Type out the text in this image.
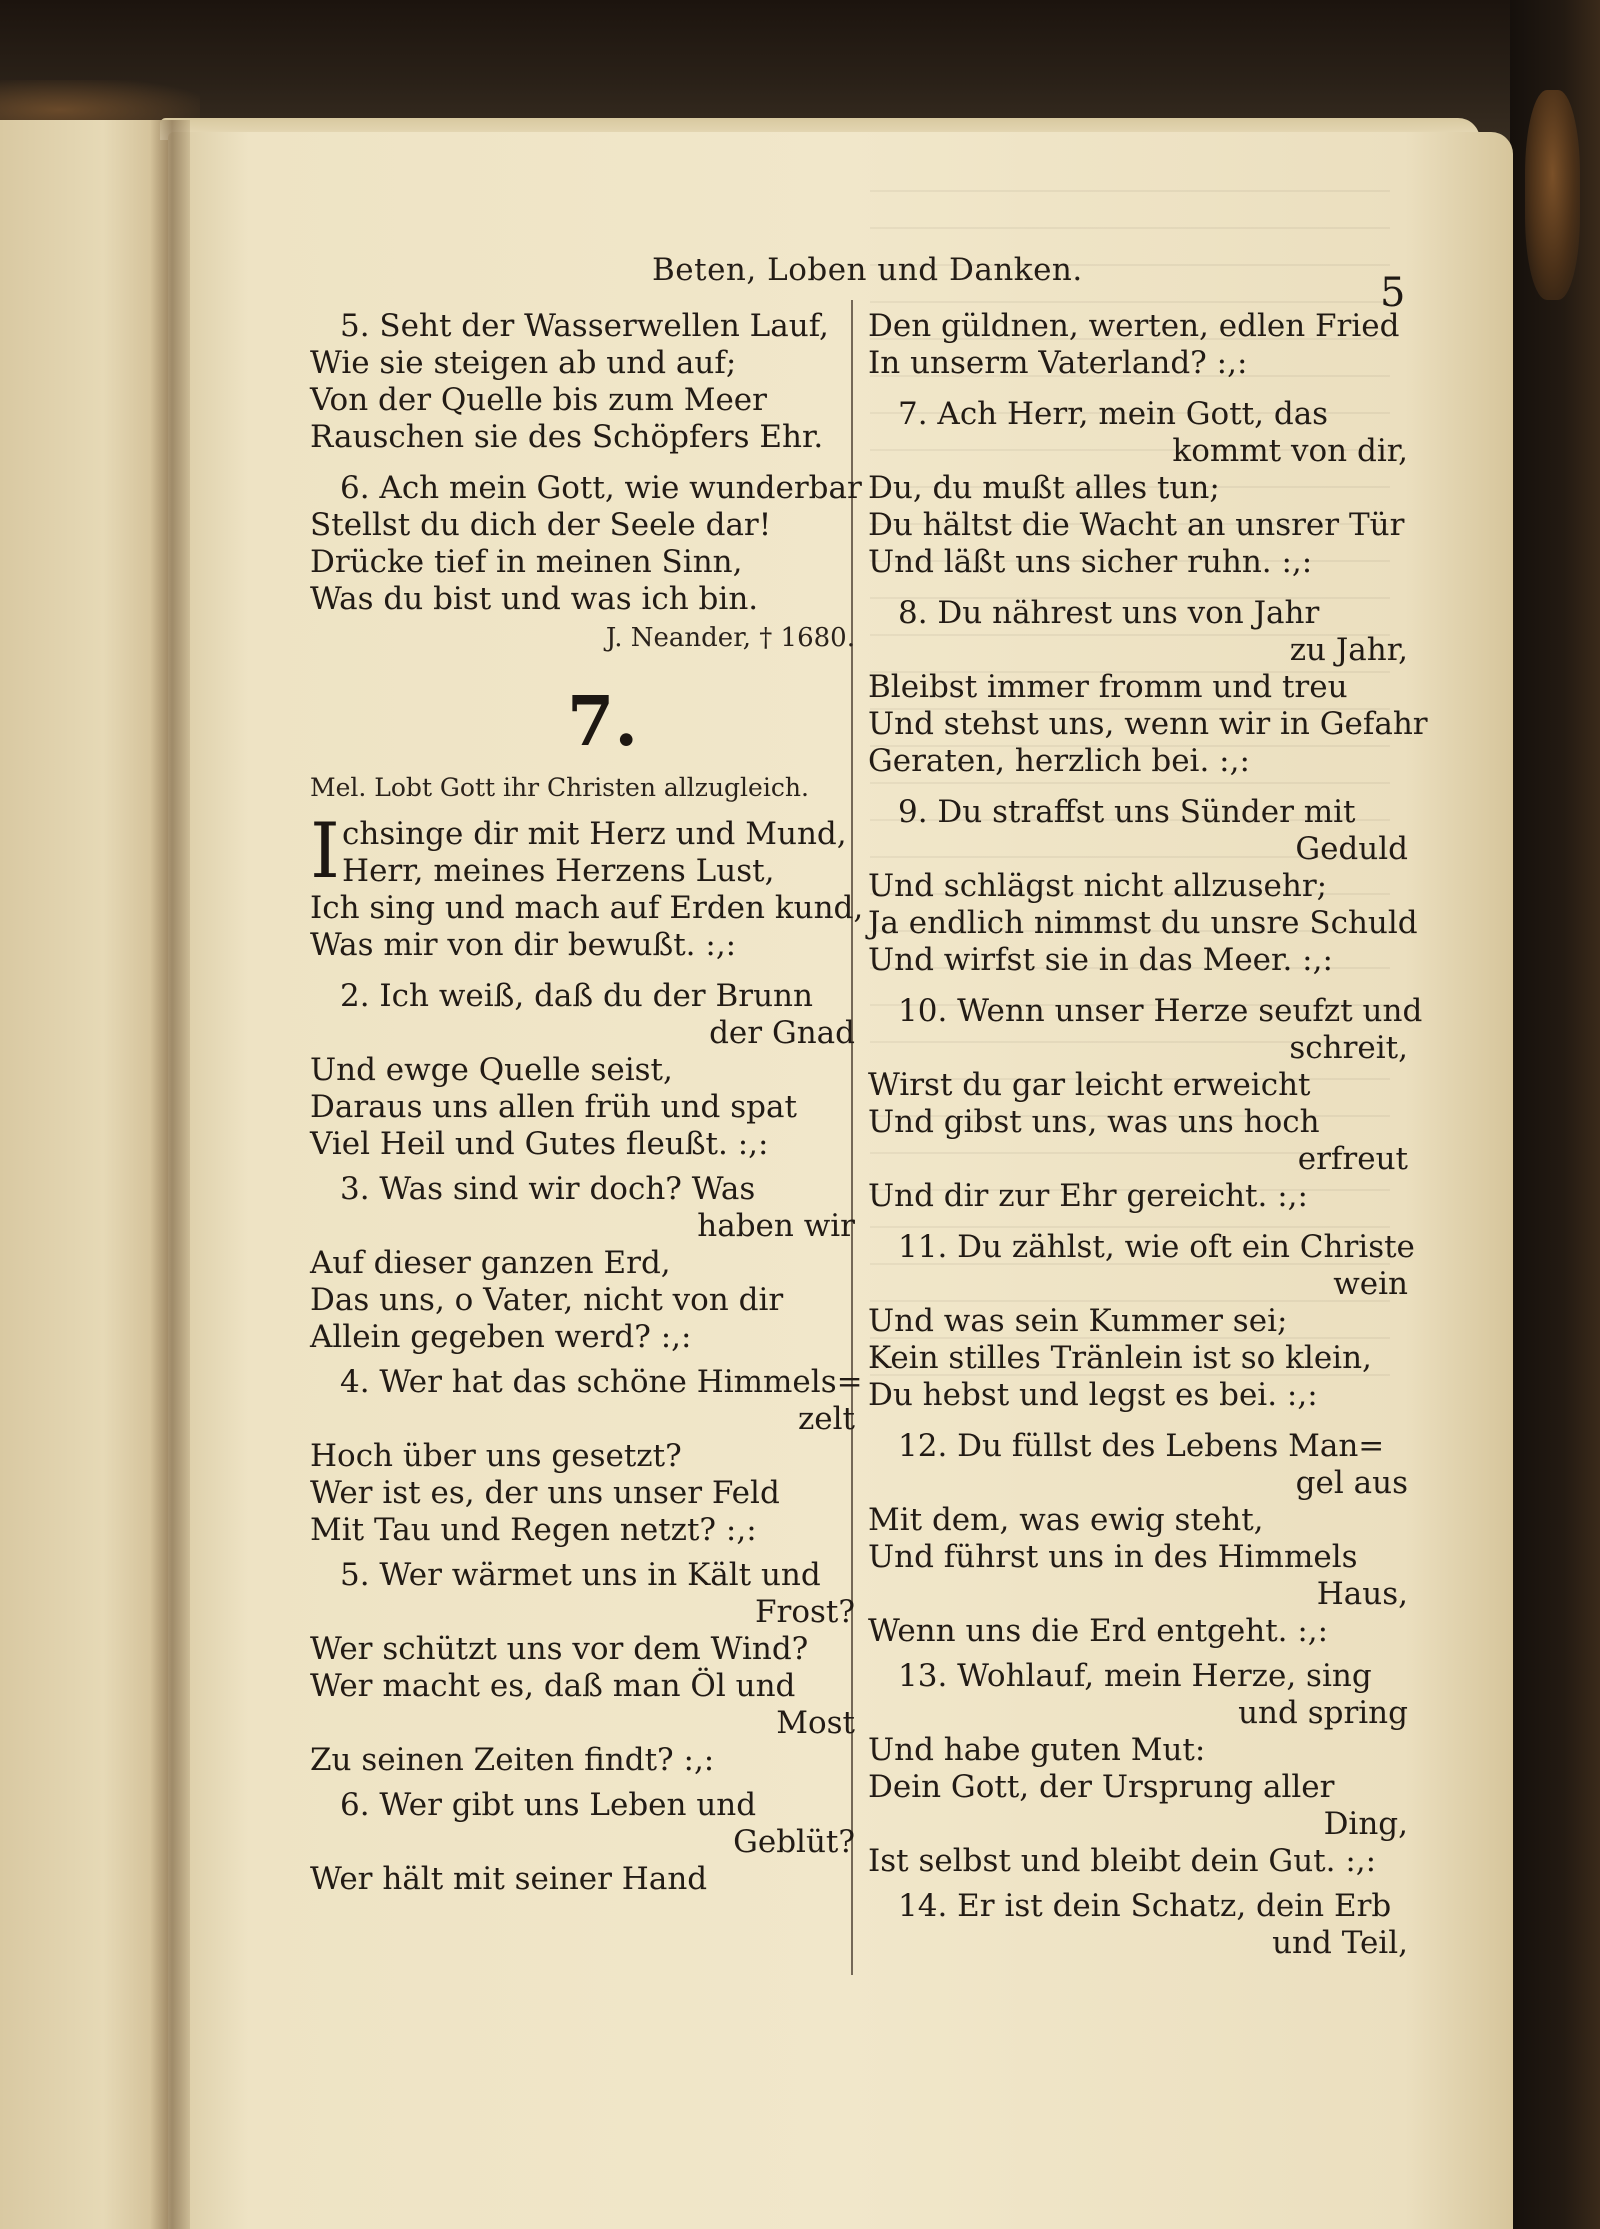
Beten, Loben und Danken.	5
5. Seht der Wasserwellen Lauf,
Wie sie steigen ab und auf;
Von der Quelle bis zum Meer
Rauschen sie des Schöpfers Ehr.
6. Ach mein Gott, wie wunderbar
Stellst du dich der Seele dar!
Drücke tief in meinen Sinn,
Was du bist und was ich bin.
J. Neander, † 1680.
7.
Mel. Lobt Gott ihr Christen allzugleich.
I chsinge dir mit Herz und Mund,
Herr, meines Herzens Lust,
Ich sing und mach auf Erden kund,
Was mir von dir bewußt. :,:
2. Ich weiß, daß du der Brunn
der Gnad
Und ewge Quelle seist,
Daraus uns allen früh und spat
Viel Heil und Gutes fleußt. :,:
3. Was sind wir doch? Was
haben wir
Auf dieser ganzen Erd,
Das uns, o Vater, nicht von dir
Allein gegeben werd? :,:
4. Wer hat das schöne Himmels=
zelt
Hoch über uns gesetzt?
Wer ist es, der uns unser Feld
Mit Tau und Regen netzt? :,:
5. Wer wärmet uns in Kält und
Frost?
Wer schützt uns vor dem Wind?
Wer macht es, daß man Öl und
Most
Zu seinen Zeiten findt? :,:
6. Wer gibt uns Leben und
Geblüt?
Wer hält mit seiner Hand
Den güldnen, werten, edlen Fried
In unserm Vaterland? :,:
7. Ach Herr, mein Gott, das
kommt von dir,
Du, du mußt alles tun;
Du hältst die Wacht an unsrer Tür
Und läßt uns sicher ruhn. :,:
8. Du nährest uns von Jahr
zu Jahr,
Bleibst immer fromm und treu
Und stehst uns, wenn wir in Gefahr
Geraten, herzlich bei. :,:
9. Du straffst uns Sünder mit
Geduld
Und schlägst nicht allzusehr;
Ja endlich nimmst du unsre Schuld
Und wirfst sie in das Meer. :,:
10. Wenn unser Herze seufzt und
schreit,
Wirst du gar leicht erweicht
Und gibst uns, was uns hoch
erfreut
Und dir zur Ehr gereicht. :,:
11. Du zählst, wie oft ein Christe
wein
Und was sein Kummer sei;
Kein stilles Tränlein ist so klein,
Du hebst und legst es bei. :,:
12. Du füllst des Lebens Man=
gel aus
Mit dem, was ewig steht,
Und führst uns in des Himmels
Haus,
Wenn uns die Erd entgeht. :,:
13. Wohlauf, mein Herze, sing
und spring
Und habe guten Mut:
Dein Gott, der Ursprung aller
Ding,
Ist selbst und bleibt dein Gut. :,:
14. Er ist dein Schatz, dein Erb
und Teil,
